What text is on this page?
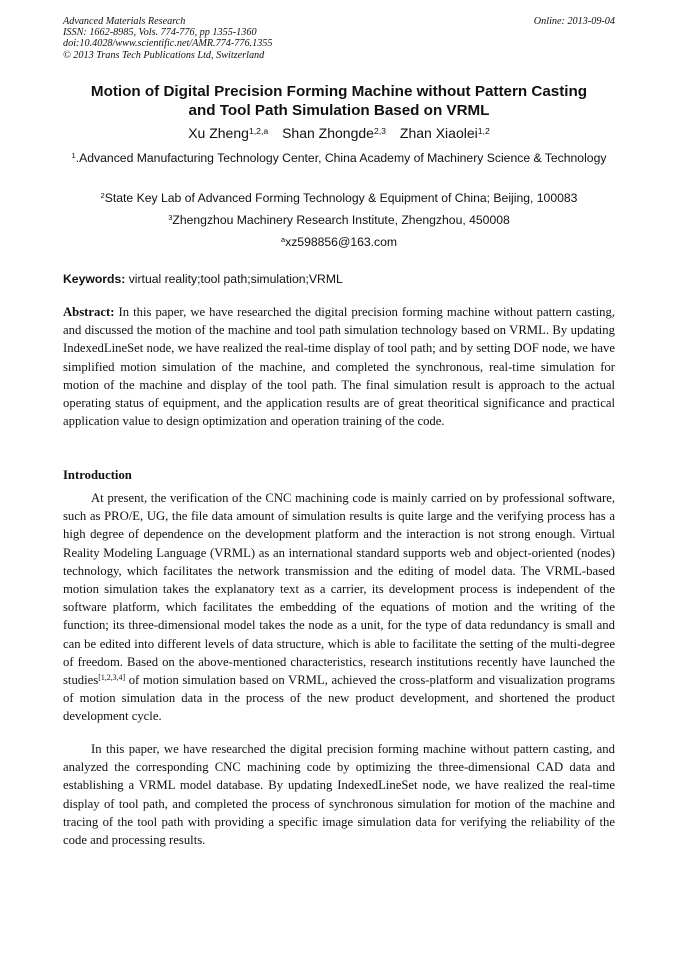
Advanced Materials Research
ISSN: 1662-8985, Vols. 774-776, pp 1355-1360
doi:10.4028/www.scientific.net/AMR.774-776.1355
© 2013 Trans Tech Publications Ltd, Switzerland
Online: 2013-09-04
Motion of Digital Precision Forming Machine without Pattern Casting
and Tool Path Simulation Based on VRML
Xu Zheng$^{1,2,a}$ Shan Zhongde$^{2,3}$ Zhan Xiaolei$^{1,2}$
$^1$.Advanced Manufacturing Technology Center, China Academy of Machinery Science & Technology
$^2$State Key Lab of Advanced Forming Technology & Equipment of China; Beijing, 100083
$^3$Zhengzhou Machinery Research Institute, Zhengzhou, 450008
$^a$xz598856@163.com
Keywords: virtual reality;tool path;simulation;VRML
Abstract: In this paper, we have researched the digital precision forming machine without pattern casting, and discussed the motion of the machine and tool path simulation technology based on VRML. By updating IndexedLineSet node, we have realized the real-time display of tool path; and by setting DOF node, we have simplified motion simulation of the machine, and completed the synchronous, real-time simulation for motion of the machine and display of the tool path. The final simulation result is approach to the actual operating status of equipment, and the application results are of great theoritical significance and practical application value to design optimization and operation training of the code.
Introduction
At present, the verification of the CNC machining code is mainly carried on by professional software, such as PRO/E, UG, the file data amount of simulation results is quite large and the verifying process has a high degree of dependence on the development platform and the interaction is not strong enough. Virtual Reality Modeling Language (VRML) as an international standard supports web and object-oriented (nodes) technology, which facilitates the network transmission and the editing of model data. The VRML-based motion simulation takes the explanatory text as a carrier, its development process is independent of the software platform, which facilitates the embedding of the equations of motion and the writing of the function; its three-dimensional model takes the node as a unit, for the type of data redundancy is small and can be edited into different levels of data structure, which is able to facilitate the setting of the multi-degree of freedom. Based on the above-mentioned characteristics, research institutions recently have launched the studies[1,2,3,4] of motion simulation based on VRML, achieved the cross-platform and visualization programs of motion simulation data in the process of the new product development, and shortened the product development cycle.
In this paper, we have researched the digital precision forming machine without pattern casting, and analyzed the corresponding CNC machining code by optimizing the three-dimensional CAD data and establishing a VRML model database. By updating IndexedLineSet node, we have realized the real-time display of tool path, and completed the process of synchronous simulation for motion of the machine and tracing of the tool path with providing a specific image simulation data for verifying the reliability of the code and processing results.
